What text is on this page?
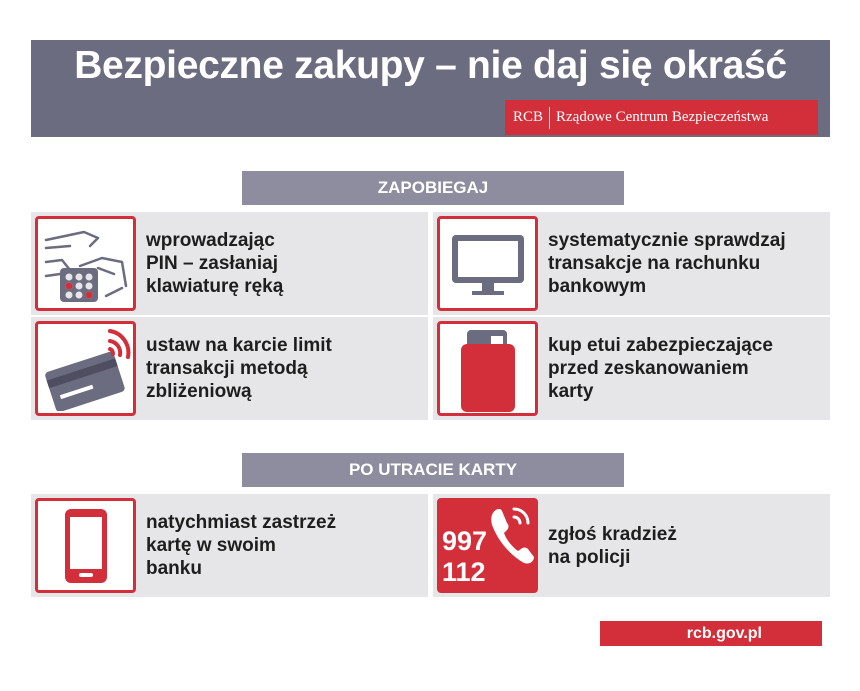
Bezpieczne zakupy – nie daj się okraść
RCB Rządowe Centrum Bezpieczeństwa
ZAPOBIEGAJ
wprowadzając
PIN – zasłaniaj
klawiaturę ręką
systematycznie sprawdzaj
transakcje na rachunku
bankowym
ustaw na karcie limit
transakcji metodą
zbliżeniową
kup etui zabezpieczające
przed zeskanowaniem
karty
PO UTRACIE KARTY
natychmiast zastrzeż
kartę w swoim
banku
997
112
zgłoś kradzież
na policji
rcb.gov.pl
